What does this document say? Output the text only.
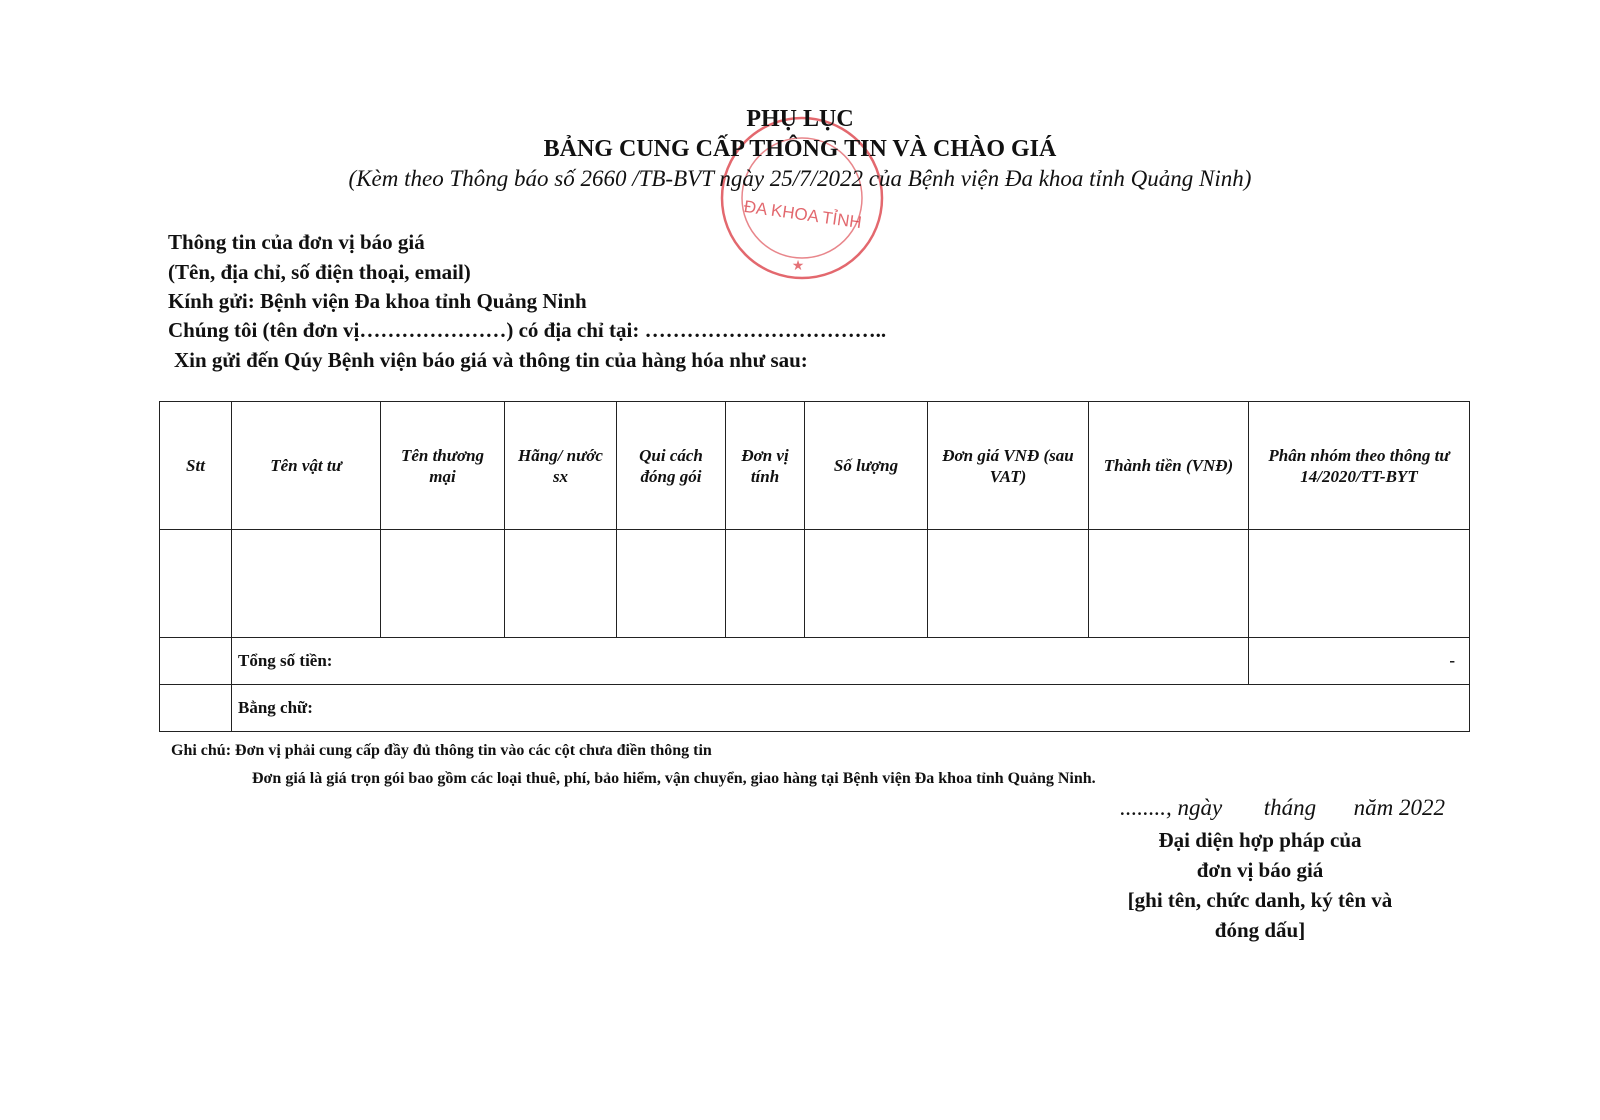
ĐA KHOA TỈNH
★

PHỤ LỤC

BẢNG CUNG CẤP THÔNG TIN VÀ CHÀO GIÁ

(Kèm theo Thông báo số 2660 /TB-BVT ngày 25/7/2022 của Bệnh viện Đa khoa tỉnh Quảng Ninh)

Thông tin của đơn vị báo giá

(Tên, địa chỉ, số điện thoại, email)

Kính gửi: Bệnh viện Đa khoa tỉnh Quảng Ninh

Chúng tôi (tên đơn vị…………………) có địa chỉ tại: ……………………………..

Xin gửi đến Qúy Bệnh viện báo giá và thông tin của hàng hóa như sau:

Stt	Tên vật tư	Tên thương mại	Hãng/ nước sx	Qui cách đóng gói	Đơn vị tính	Số lượng	Đơn giá VNĐ (sau VAT)	Thành tiền (VNĐ)	Phân nhóm theo thông tư 14/2020/TT-BYT

	Tổng số tiền:								-
	Bằng chữ:								

Ghi chú: Đơn vị phải cung cấp đầy đủ thông tin vào các cột chưa điền thông tin

Đơn giá là giá trọn gói bao gồm các loại thuê, phí, bảo hiểm, vận chuyển, giao hàng tại Bệnh viện Đa khoa tỉnh Quảng Ninh.

........, ngày tháng năm 2022

Đại diện hợp pháp của

đơn vị báo giá

[ghi tên, chức danh, ký tên và

đóng dấu]
